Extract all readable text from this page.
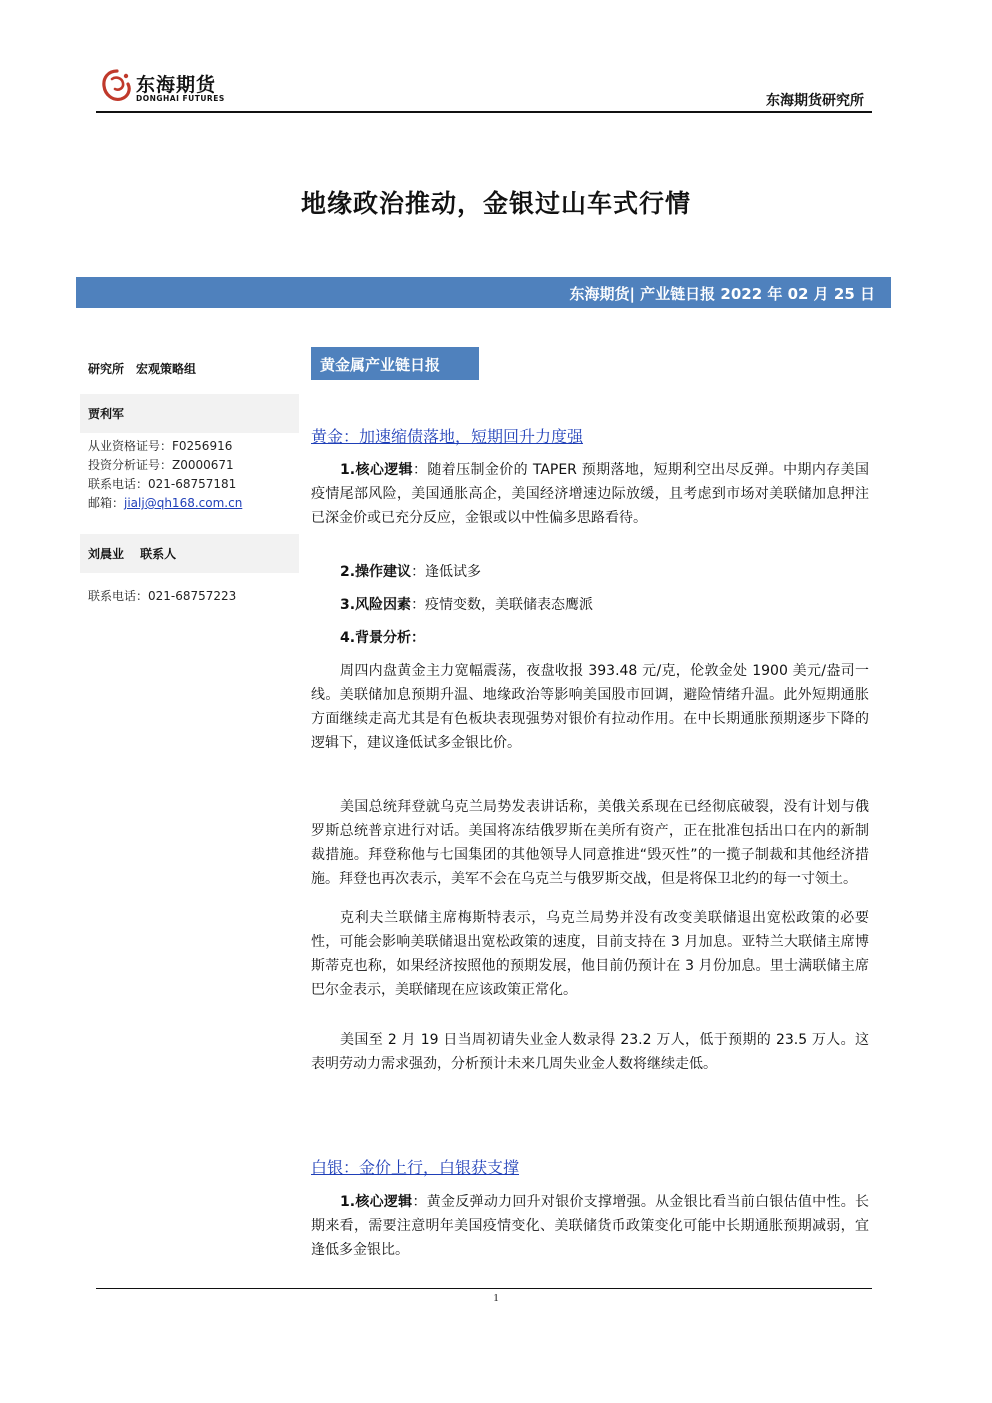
东海期货
DONGHAI FUTURES	东海期货研究所
地缘政治推动，金银过山车式行情
东海期货| 产业链日报 2022 年 02 月 25 日
研究所　宏观策略组
贾利军
从业资格证号：F0256916
投资分析证号：Z0000671
联系电话：021-68757181
邮箱：jialj@qh168.com.cn
刘晨业　 联系人
联系电话：021-68757223
黄金属产业链日报
黄金：加速缩债落地，短期回升力度强
1.核心逻辑：随着压制金价的 TAPER 预期落地，短期利空出尽反弹。中期内存美国疫情尾部风险，美国通胀高企，美国经济增速边际放缓，且考虑到市场对美联储加息押注已深金价或已充分反应，金银或以中性偏多思路看待。
2.操作建议：逢低试多
3.风险因素：疫情变数，美联储表态鹰派
4.背景分析：
周四内盘黄金主力宽幅震荡，夜盘收报 393.48 元/克，伦敦金处 1900 美元/盎司一线。美联储加息预期升温、地缘政治等影响美国股市回调，避险情绪升温。此外短期通胀方面继续走高尤其是有色板块表现强势对银价有拉动作用。在中长期通胀预期逐步下降的逻辑下，建议逢低试多金银比价。
美国总统拜登就乌克兰局势发表讲话称，美俄关系现在已经彻底破裂，没有计划与俄罗斯总统普京进行对话。美国将冻结俄罗斯在美所有资产，正在批准包括出口在内的新制裁措施。拜登称他与七国集团的其他领导人同意推进“毁灭性”的一揽子制裁和其他经济措施。拜登也再次表示，美军不会在乌克兰与俄罗斯交战，但是将保卫北约的每一寸领土。
克利夫兰联储主席梅斯特表示，乌克兰局势并没有改变美联储退出宽松政策的必要性，可能会影响美联储退出宽松政策的速度，目前支持在 3 月加息。亚特兰大联储主席博斯蒂克也称，如果经济按照他的预期发展，他目前仍预计在 3 月份加息。里士满联储主席巴尔金表示，美联储现在应该政策正常化。
美国至 2 月 19 日当周初请失业金人数录得 23.2 万人，低于预期的 23.5 万人。这表明劳动力需求强劲，分析预计未来几周失业金人数将继续走低。
白银：金价上行，白银获支撑
1.核心逻辑：黄金反弹动力回升对银价支撑增强。从金银比看当前白银估值中性。长期来看，需要注意明年美国疫情变化、美联储货币政策变化可能中长期通胀预期减弱，宜逢低多金银比。
1
